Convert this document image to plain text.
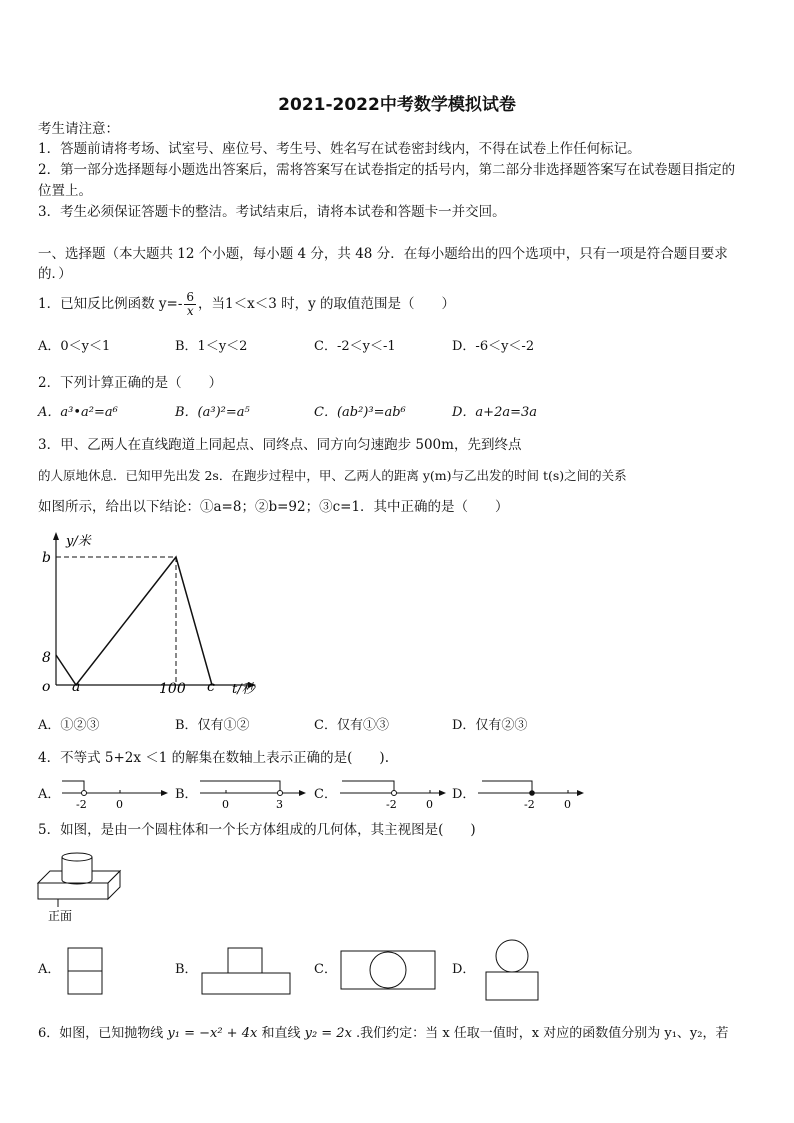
2021-2022中考数学模拟试卷
考生请注意：
1．答题前请将考场、试室号、座位号、考生号、姓名写在试卷密封线内，不得在试卷上作任何标记。
2．第一部分选择题每小题选出答案后，需将答案写在试卷指定的括号内，第二部分非选择题答案写在试卷题目指定的
位置上。
3．考生必须保证答题卡的整洁。考试结束后，请将本试卷和答题卡一并交回。
一、选择题（本大题共 12 个小题，每小题 4 分，共 48 分．在每小题给出的四个选项中，只有一项是符合题目要求
的．）
1．已知反比例函数 $y=- \frac{6}{x}$ ，当1＜x＜3 时，y 的取值范围是（　　）
A．0＜y＜1	B．1＜y＜2	C．-2＜y＜-1	D．-6＜y＜-2
2．下列计算正确的是（　　）
A．a³•a²=a⁶	B．(a³)²=a⁵	C．(ab²)³=ab⁶	D．a+2a=3a
3．甲、乙两人在直线跑道上同起点、同终点、同方向匀速跑步 500m，先到终点
的人原地休息．已知甲先出发 2s．在跑步过程中，甲、乙两人的距离 y(m)与乙出发的时间 t(s)之间的关系
如图所示，给出以下结论：①a=8；②b=92；③c=1．其中正确的是（　　）
y/米
b
8
o a	100 c t/秒
A．①②③	B．仅有①②	C．仅有①③	D．仅有②③
4．不等式 5+2x ＜1 的解集在数轴上表示正确的是(　　).
A．
-2	0
B．
0	3
C．
-2	0
D．
-2	0
5．如图，是由一个圆柱体和一个长方体组成的几何体，其主视图是(　　)
正面
A．	B．	C．	D．
6．如图，已知抛物线 y₁ = −x² + 4x 和直线 y₂ = 2x .我们约定：当 x 任取一值时，x 对应的函数值分别为 y₁、y₂，若
